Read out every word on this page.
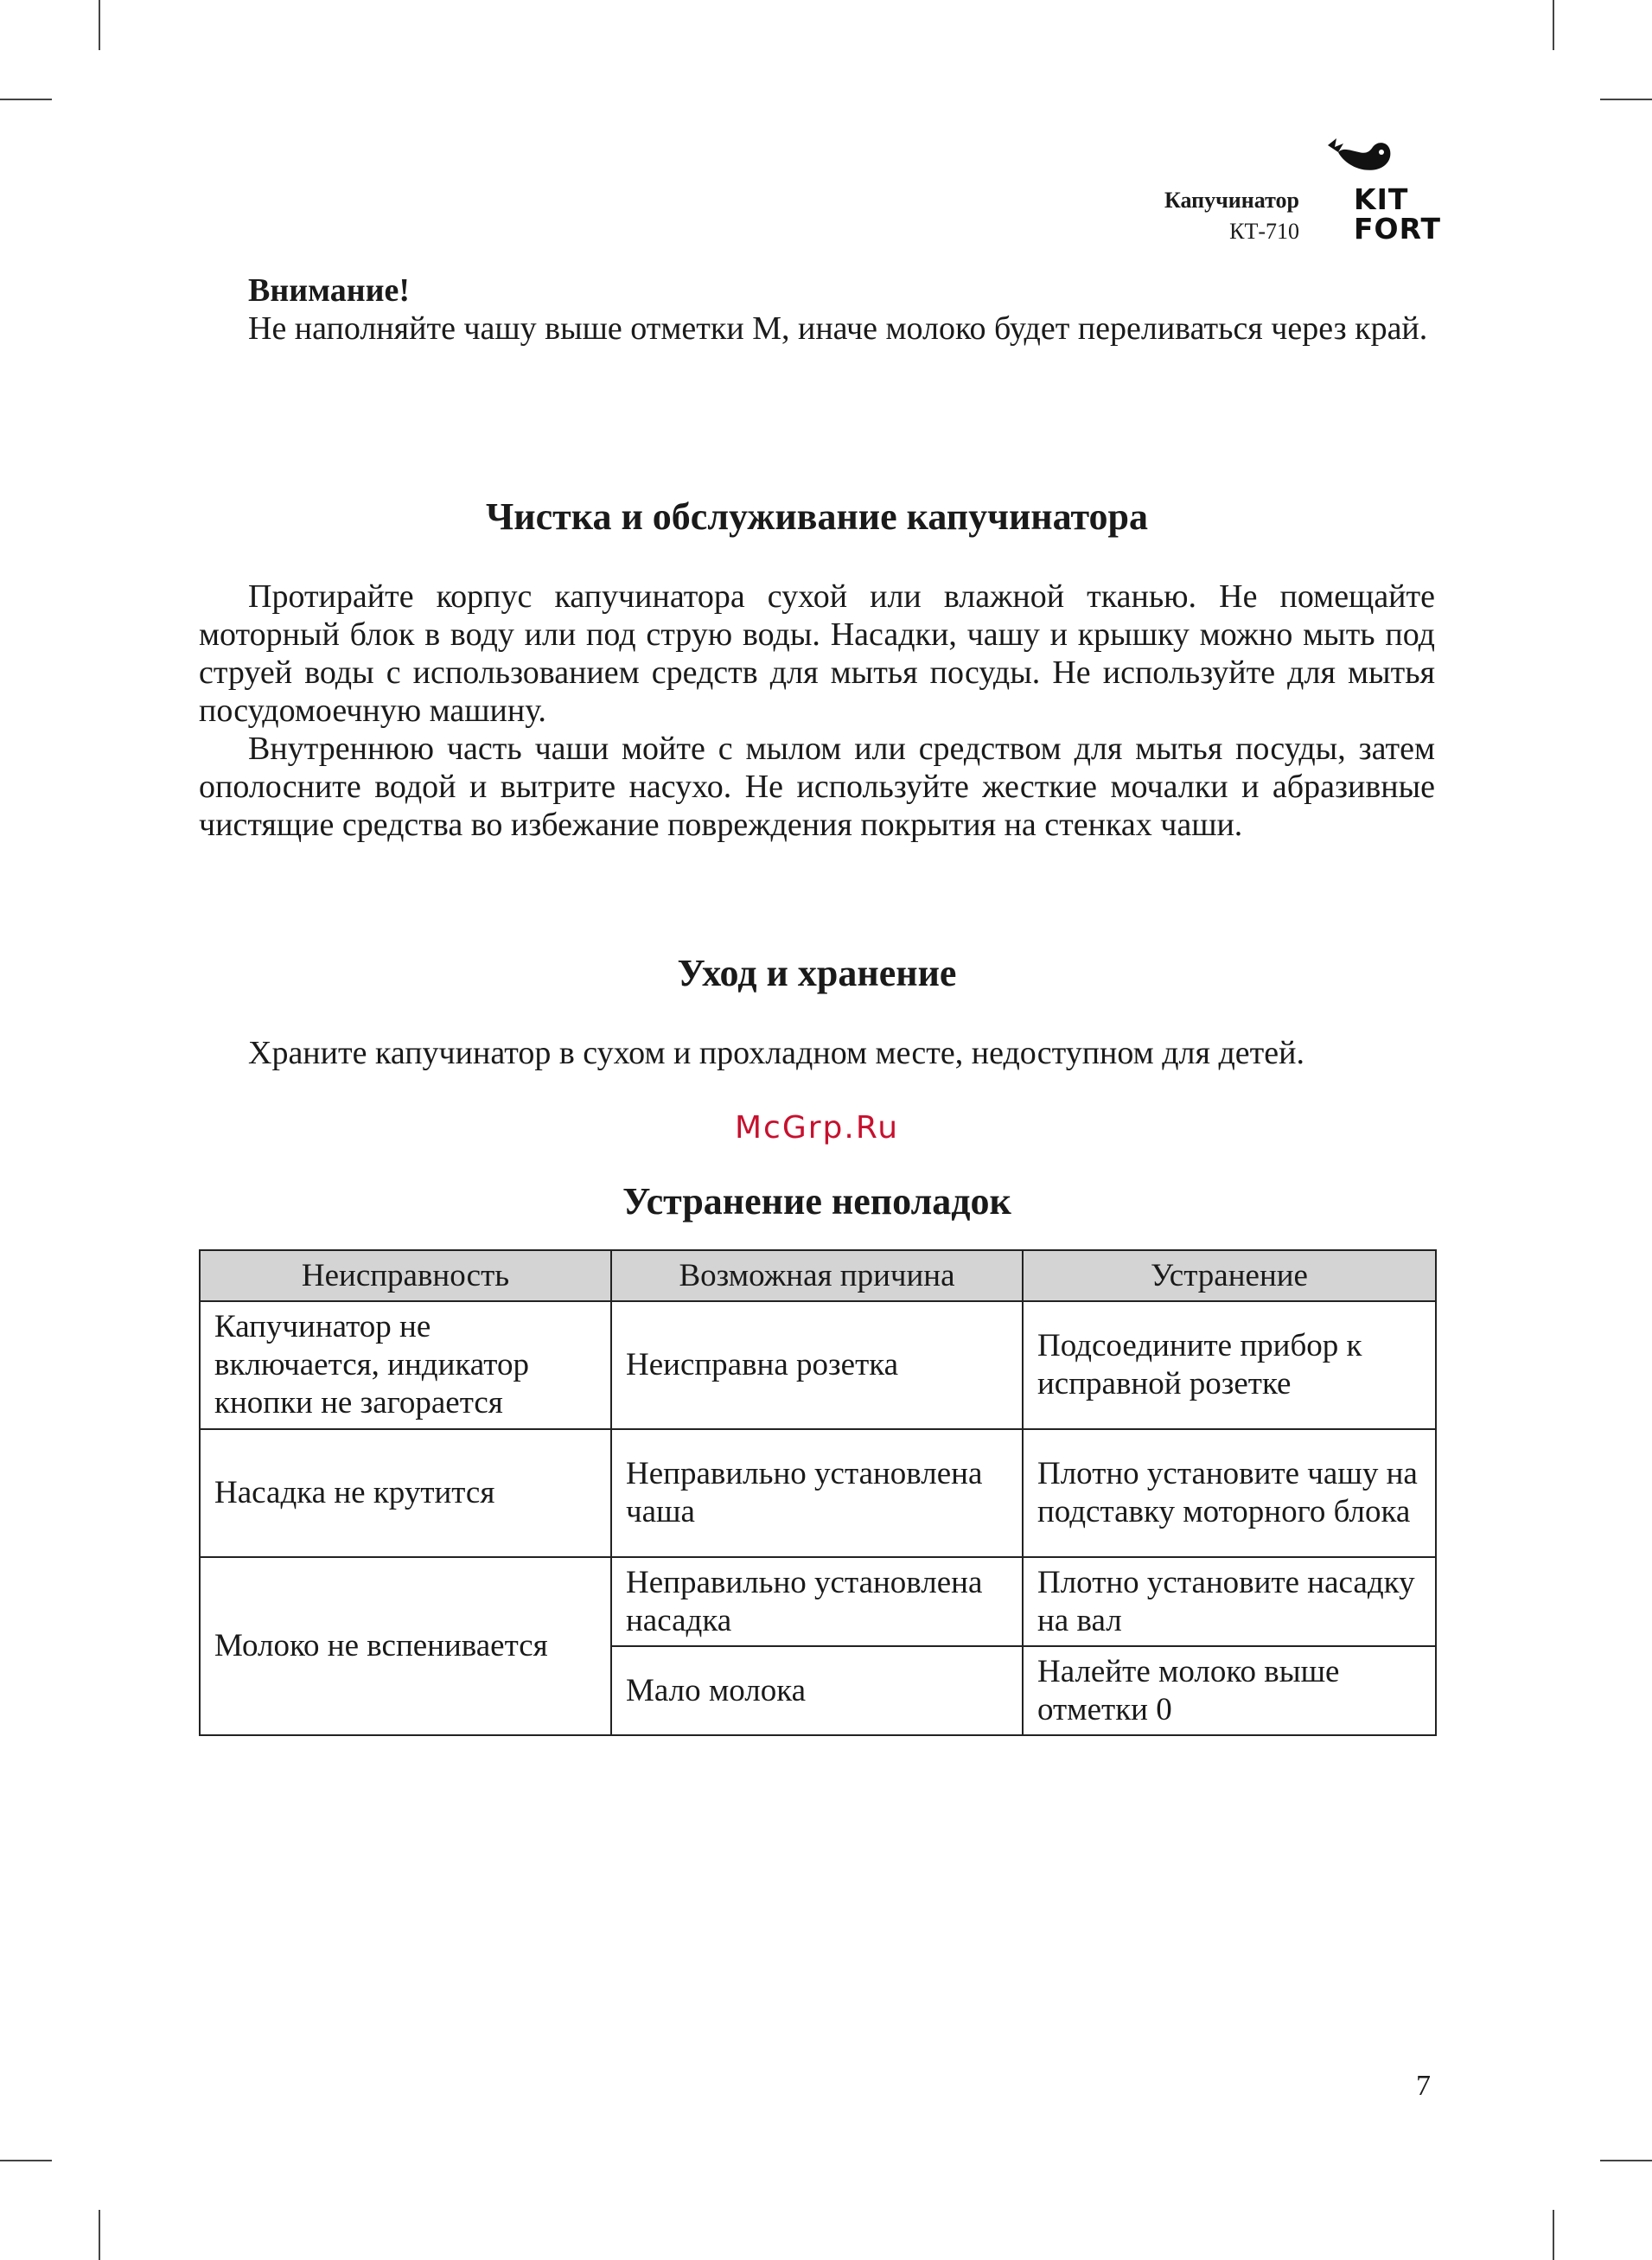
Капучинатор
КТ-710
KIT
FORT

Внимание!

Не наполняйте чашу выше отметки M, иначе молоко будет переливаться через край.

Чистка и обслуживание капучинатора

Протирайте корпус капучинатора сухой или влажной тканью. Не помещайте моторный блок в воду или под струю воды. Насадки, чашу и крышку можно мыть под струей воды с использованием средств для мытья посуды. Не используйте для мытья посудомоечную машину.

Внутреннюю часть чаши мойте с мылом или средством для мытья посуды, затем ополосните водой и вытрите насухо. Не используйте жесткие мочалки и абразивные чистящие средства во избежание повреждения покрытия на стенках чаши.

Уход и хранение

Храните капучинатор в сухом и прохладном месте, недоступном для детей.

McGrp.Ru
Устранение неполадок
Неисправность	Возможная причина	Устранение
Капучинатор не включается, индикатор кнопки не загорается	Неисправна розетка	Подсоедините прибор к исправной розетке
Насадка не крутится	Неправильно установлена чаша	Плотно установите чашу на подставку моторного блока
Молоко не вспенивается	Неправильно установлена насадка	Плотно установите насадку на вал
	Мало молока	Налейте молоко выше отметки 0
7
